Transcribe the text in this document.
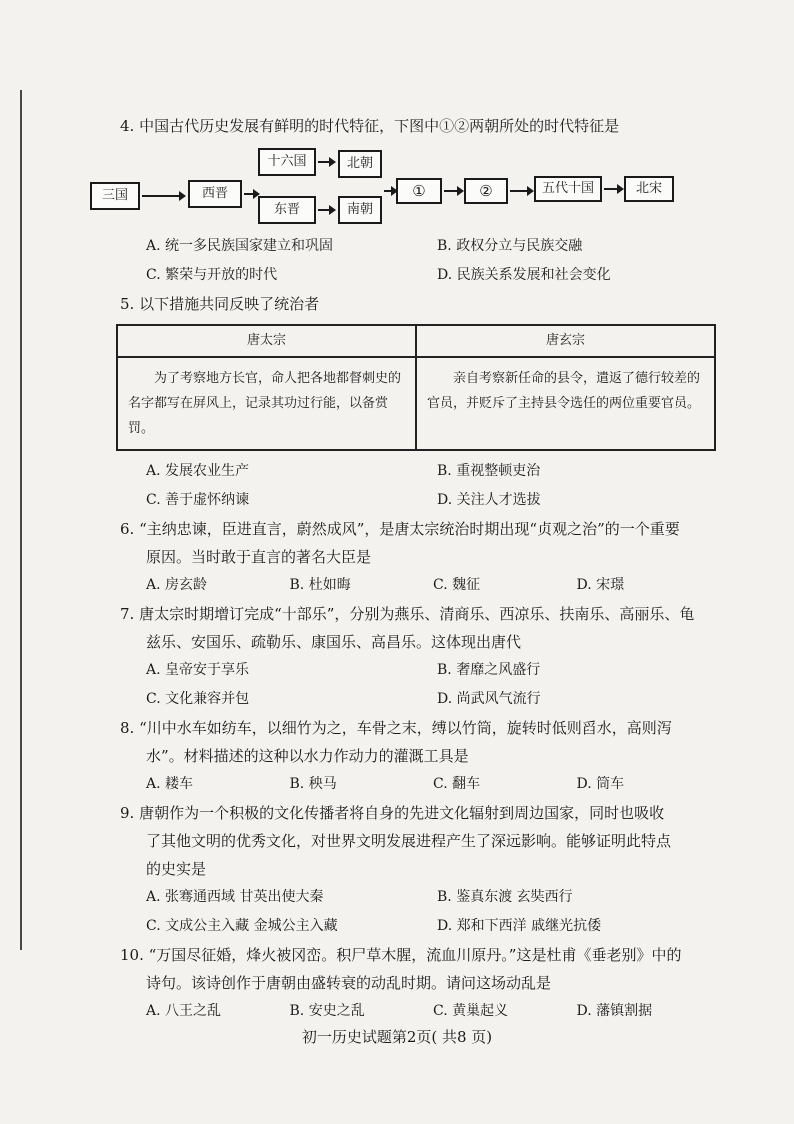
4. 中国古代历史发展有鲜明的时代特征，下图中①②两朝所处的时代特征是

三国	西晋
十六国
东晋
北朝
南朝
①	②	五代十国	北宋
A. 统一多民族国家建立和巩固	B. 政权分立与民族交融
C. 繁荣与开放的时代	D. 民族关系发展和社会变化

5. 以下措施共同反映了统治者

唐太宗	唐玄宗
为了考察地方长官，命人把各地都督刺史的名字都写在屏风上，记录其功过行能，以备赏罚。	亲自考察新任命的县令，遣返了德行较差的官员，并贬斥了主持县令选任的两位重要官员。
A. 发展农业生产	B. 重视整顿吏治
C. 善于虚怀纳谏	D. 关注人才选拔

6. “主纳忠谏，臣进直言，蔚然成风”，是唐太宗统治时期出现“贞观之治”的一个重要

原因。当时敢于直言的著名大臣是

A. 房玄龄	B. 杜如晦	C. 魏征	D. 宋璟

7. 唐太宗时期增订完成“十部乐”，分别为燕乐、清商乐、西凉乐、扶南乐、高丽乐、龟

兹乐、安国乐、疏勒乐、康国乐、高昌乐。这体现出唐代

A. 皇帝安于享乐	B. 奢靡之风盛行
C. 文化兼容并包	D. 尚武风气流行

8. “川中水车如纺车，以细竹为之，车骨之末，缚以竹筒，旋转时低则舀水，高则泻

水”。材料描述的这种以水力作动力的灌溉工具是

A. 耧车	B. 秧马	C. 翻车	D. 筒车

9. 唐朝作为一个积极的文化传播者将自身的先进文化辐射到周边国家，同时也吸收

了其他文明的优秀文化，对世界文明发展进程产生了深远影响。能够证明此特点

的史实是

A. 张骞通西域 甘英出使大秦	B. 鉴真东渡 玄奘西行
C. 文成公主入藏 金城公主入藏	D. 郑和下西洋 戚继光抗倭

10. “万国尽征婚，烽火被冈峦。积尸草木腥，流血川原丹。”这是杜甫《垂老别》中的

诗句。该诗创作于唐朝由盛转衰的动乱时期。请问这场动乱是

A. 八王之乱	B. 安史之乱	C. 黄巢起义	D. 藩镇割据
初一历史试题第2页( 共8 页)
